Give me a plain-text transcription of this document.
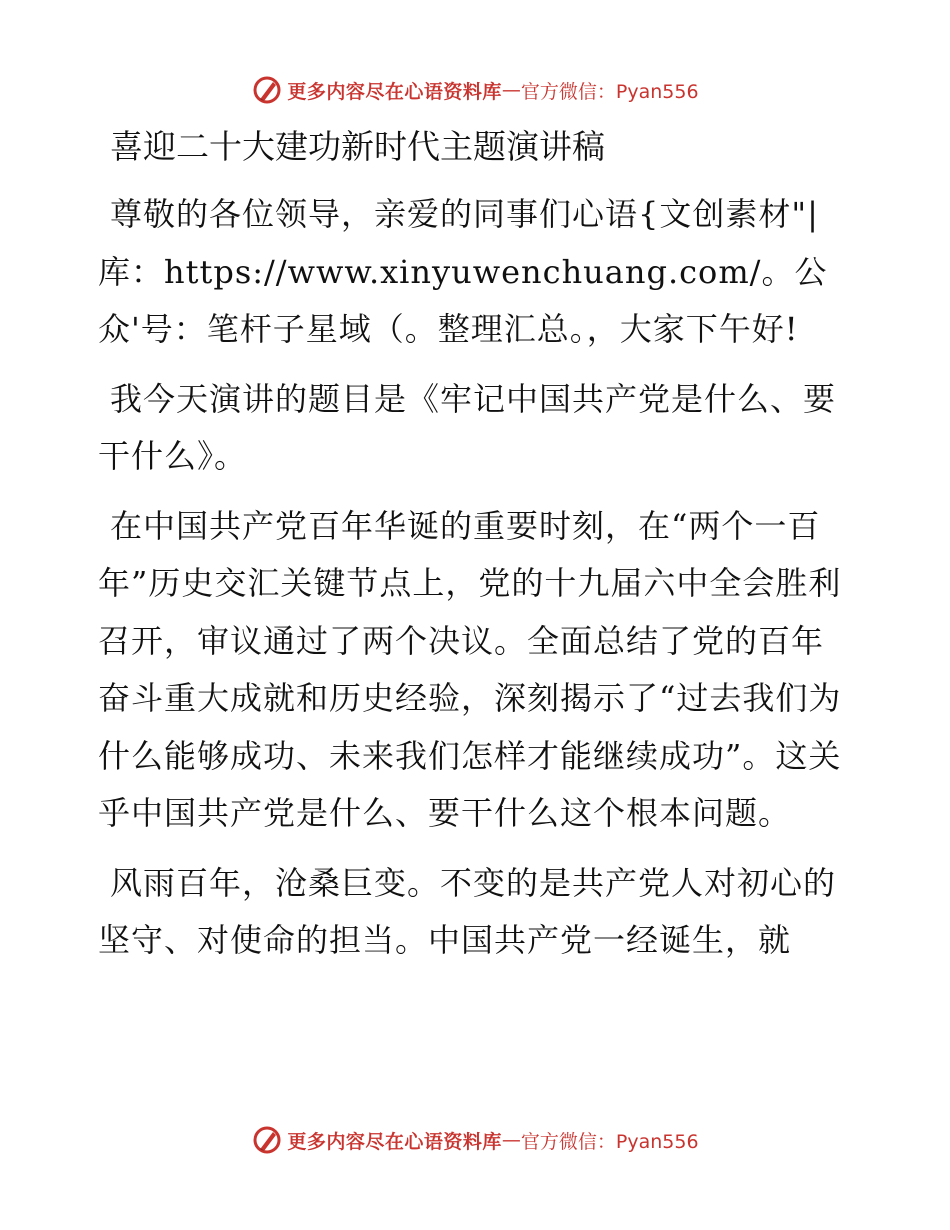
更多内容尽在心语资料库 — 官方微信：Pyan556
喜迎二十大建功新时代主题演讲稿

尊敬的各位领导，亲爱的同事们心语{文创素材"|库：https://www.xinyuwenchuang.com/。公众'号：笔杆子星域（。整理汇总。，大家下午好!

我今天演讲的题目是《牢记中国共产党是什么、要干什么》。

在中国共产党百年华诞的重要时刻，在“两个一百年”历史交汇关键节点上，党的十九届六中全会胜利召开，审议通过了两个决议。全面总结了党的百年奋斗重大成就和历史经验，深刻揭示了“过去我们为什么能够成功、未来我们怎样才能继续成功”。这关乎中国共产党是什么、要干什么这个根本问题。

风雨百年，沧桑巨变。不变的是共产党人对初心的坚守、对使命的担当。中国共产党一经诞生，就

更多内容尽在心语资料库 — 官方微信：Pyan556
